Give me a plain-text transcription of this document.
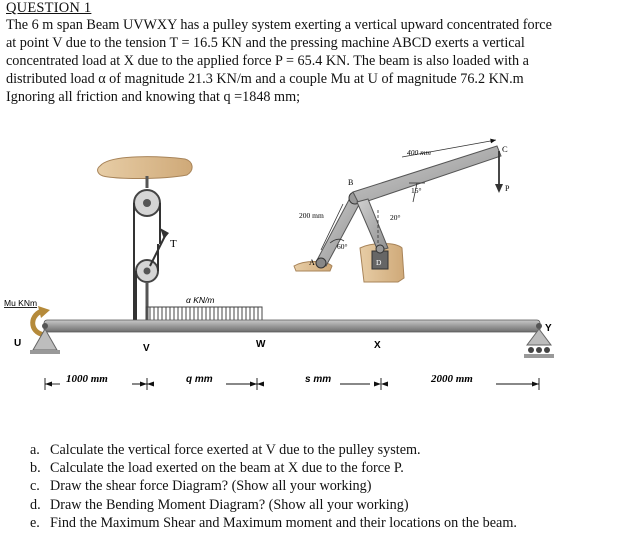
QUESTION 1

The 6 m span Beam UVWXY has a pulley system exerting a vertical upward concentrated force

at point V due to the tension T = 16.5 KN and the pressing machine ABCD exerts a vertical

concentrated load at X due to the applied force P = 65.4 KN. The beam is also loaded with a

distributed load α of magnitude 21.3 KN/m and a couple Mu at U of magnitude 76.2 KN.m

Ignoring all friction and knowing that q =1848 mm;

T
400 mm	C
B
15°	P
200 mm	20°
60°
A	D
α KN/m
Mu KNm
U
Y
V	W	X
1000 mm	q mm	s mm	2000 mm
a. Calculate the vertical force exerted at V due to the pulley system.
b. Calculate the load exerted on the beam at X due to the force P.
c. Draw the shear force Diagram? (Show all your working)
d. Draw the Bending Moment Diagram? (Show all your working)
e. Find the Maximum Shear and Maximum moment and their locations on the beam.
